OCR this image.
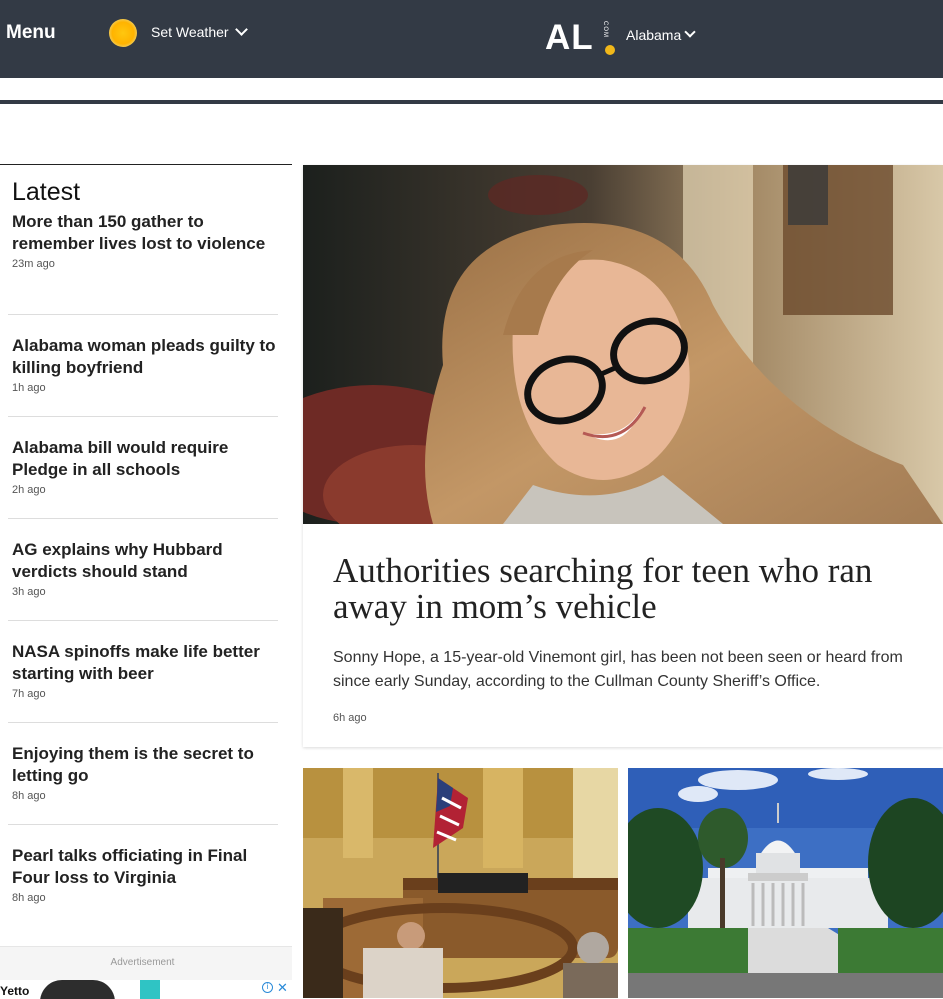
Menu	Set Weather	AL COM Alabama
Latest
More than 150 gather to remember lives lost to violence
23m ago
Alabama woman pleads guilty to killing boyfriend
1h ago
Alabama bill would require Pledge in all schools
2h ago
AG explains why Hubbard verdicts should stand
3h ago
NASA spinoffs make life better starting with beer
7h ago
Enjoying them is the secret to letting go
8h ago
Pearl talks officiating in Final Four loss to Virginia
8h ago
Advertisement
Yetto	i ✕
Authorities searching for teen who ran away in mom’s vehicle
Sonny Hope, a 15-year-old Vinemont girl, has been not been seen or heard from since early Sunday, according to the Cullman County Sheriff’s Office.
6h ago
